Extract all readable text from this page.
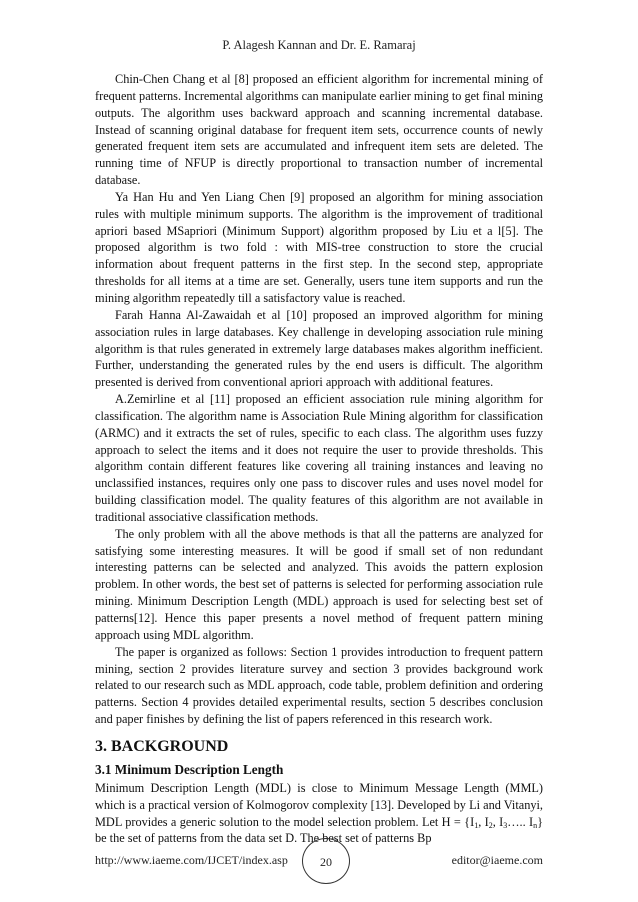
P. Alagesh Kannan and Dr. E. Ramaraj

Chin-Chen Chang et al [8] proposed an efficient algorithm for incremental mining of frequent patterns. Incremental algorithms can manipulate earlier mining to get final mining outputs. The algorithm uses backward approach and scanning incremental database. Instead of scanning original database for frequent item sets, occurrence counts of newly generated frequent item sets are accumulated and infrequent item sets are deleted. The running time of NFUP is directly proportional to transaction number of incremental database.

Ya Han Hu and Yen Liang Chen [9] proposed an algorithm for mining association rules with multiple minimum supports. The algorithm is the improvement of traditional apriori based MSapriori (Minimum Support) algorithm proposed by Liu et a l[5]. The proposed algorithm is two fold : with MIS-tree construction to store the crucial information about frequent patterns in the first step. In the second step, appropriate thresholds for all items at a time are set. Generally, users tune item supports and run the mining algorithm repeatedly till a satisfactory value is reached.

Farah Hanna Al-Zawaidah et al [10] proposed an improved algorithm for mining association rules in large databases. Key challenge in developing association rule mining algorithm is that rules generated in extremely large databases makes algorithm inefficient. Further, understanding the generated rules by the end users is difficult. The algorithm presented is derived from conventional apriori approach with additional features.

A.Zemirline et al [11] proposed an efficient association rule mining algorithm for classification. The algorithm name is Association Rule Mining algorithm for classification (ARMC) and it extracts the set of rules, specific to each class. The algorithm uses fuzzy approach to select the items and it does not require the user to provide thresholds. This algorithm contain different features like covering all training instances and leaving no unclassified instances, requires only one pass to discover rules and uses novel model for building classification model. The quality features of this algorithm are not available in traditional associative classification methods.

The only problem with all the above methods is that all the patterns are analyzed for satisfying some interesting measures. It will be good if small set of non redundant interesting patterns can be selected and analyzed. This avoids the pattern explosion problem. In other words, the best set of patterns is selected for performing association rule mining. Minimum Description Length (MDL) approach is used for selecting best set of patterns[12]. Hence this paper presents a novel method of frequent pattern mining approach using MDL algorithm.

The paper is organized as follows: Section 1 provides introduction to frequent pattern mining, section 2 provides literature survey and section 3 provides background work related to our research such as MDL approach, code table, problem definition and ordering patterns. Section 4 provides detailed experimental results, section 5 describes conclusion and paper finishes by defining the list of papers referenced in this research work.

3. BACKGROUND
3.1 Minimum Description Length

Minimum Description Length (MDL) is close to Minimum Message Length (MML) which is a practical version of Kolmogorov complexity [13]. Developed by Li and Vitanyi, MDL provides a generic solution to the model selection problem. Let $H = \{I_1$, $I_2$, $I_3\dots$.. $I_n$} be the set of patterns from the data set D. The best set of patterns Bp

http://www.iaeme.com/IJCET/index.asp	20	editor@iaeme.com
